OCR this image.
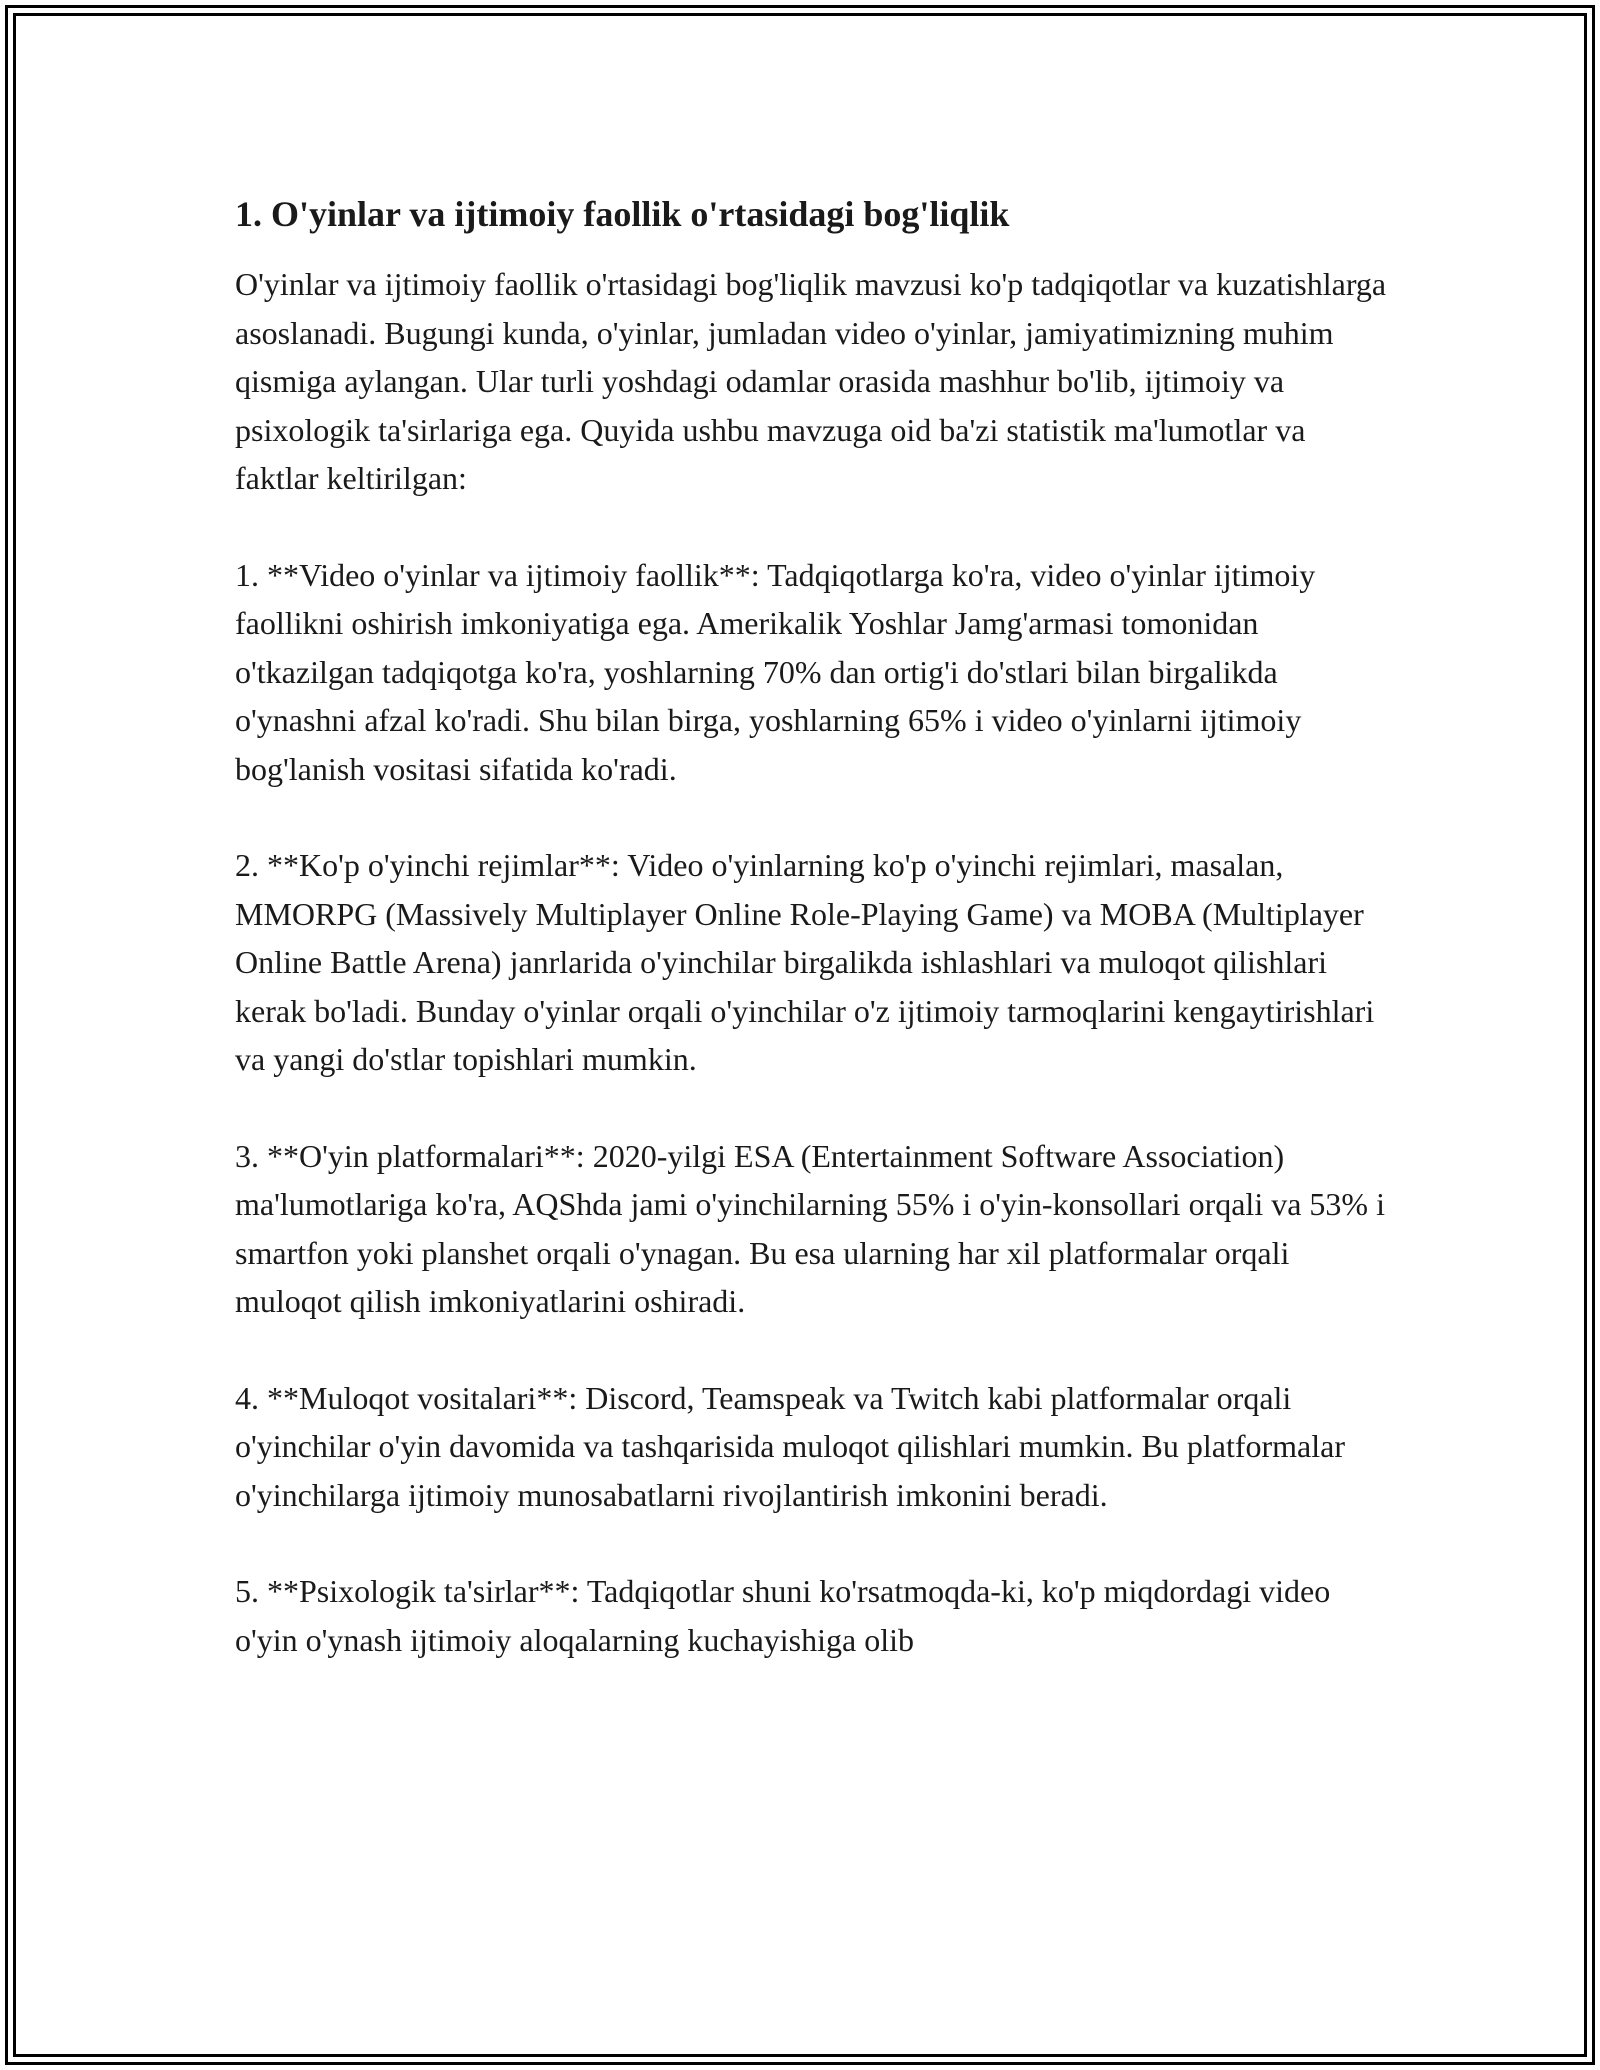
1. O'yinlar va ijtimoiy faollik o'rtasidagi bog'liqlik

O'yinlar va ijtimoiy faollik o'rtasidagi bog'liqlik mavzusi ko'p tadqiqotlar va kuzatishlarga asoslanadi. Bugungi kunda, o'yinlar, jumladan video o'yinlar, jamiyatimizning muhim qismiga aylangan. Ular turli yoshdagi odamlar orasida mashhur bo'lib, ijtimoiy va psixologik ta'sirlariga ega. Quyida ushbu mavzuga oid ba'zi statistik ma'lumotlar va faktlar keltirilgan:

1. **Video o'yinlar va ijtimoiy faollik**: Tadqiqotlarga ko'ra, video o'yinlar ijtimoiy faollikni oshirish imkoniyatiga ega. Amerikalik Yoshlar Jamg'armasi tomonidan o'tkazilgan tadqiqotga ko'ra, yoshlarning 70% dan ortig'i do'stlari bilan birgalikda o'ynashni afzal ko'radi. Shu bilan birga, yoshlarning 65% i video o'yinlarni ijtimoiy bog'lanish vositasi sifatida ko'radi.

2. **Ko'p o'yinchi rejimlar**: Video o'yinlarning ko'p o'yinchi rejimlari, masalan, MMORPG (Massively Multiplayer Online Role-Playing Game) va MOBA (Multiplayer Online Battle Arena) janrlarida o'yinchilar birgalikda ishlashlari va muloqot qilishlari kerak bo'ladi. Bunday o'yinlar orqali o'yinchilar o'z ijtimoiy tarmoqlarini kengaytirishlari va yangi do'stlar topishlari mumkin.

3. **O'yin platformalari**: 2020-yilgi ESA (Entertainment Software Association) ma'lumotlariga ko'ra, AQShda jami o'yinchilarning 55% i o'yin-konsollari orqali va 53% i smartfon yoki planshet orqali o'ynagan. Bu esa ularning har xil platformalar orqali muloqot qilish imkoniyatlarini oshiradi.

4. **Muloqot vositalari**: Discord, Teamspeak va Twitch kabi platformalar orqali o'yinchilar o'yin davomida va tashqarisida muloqot qilishlari mumkin. Bu platformalar o'yinchilarga ijtimoiy munosabatlarni rivojlantirish imkonini beradi.

5. **Psixologik ta'sirlar**: Tadqiqotlar shuni ko'rsatmoqda-ki, ko'p miqdordagi video o'yin o'ynash ijtimoiy aloqalarning kuchayishiga olib
